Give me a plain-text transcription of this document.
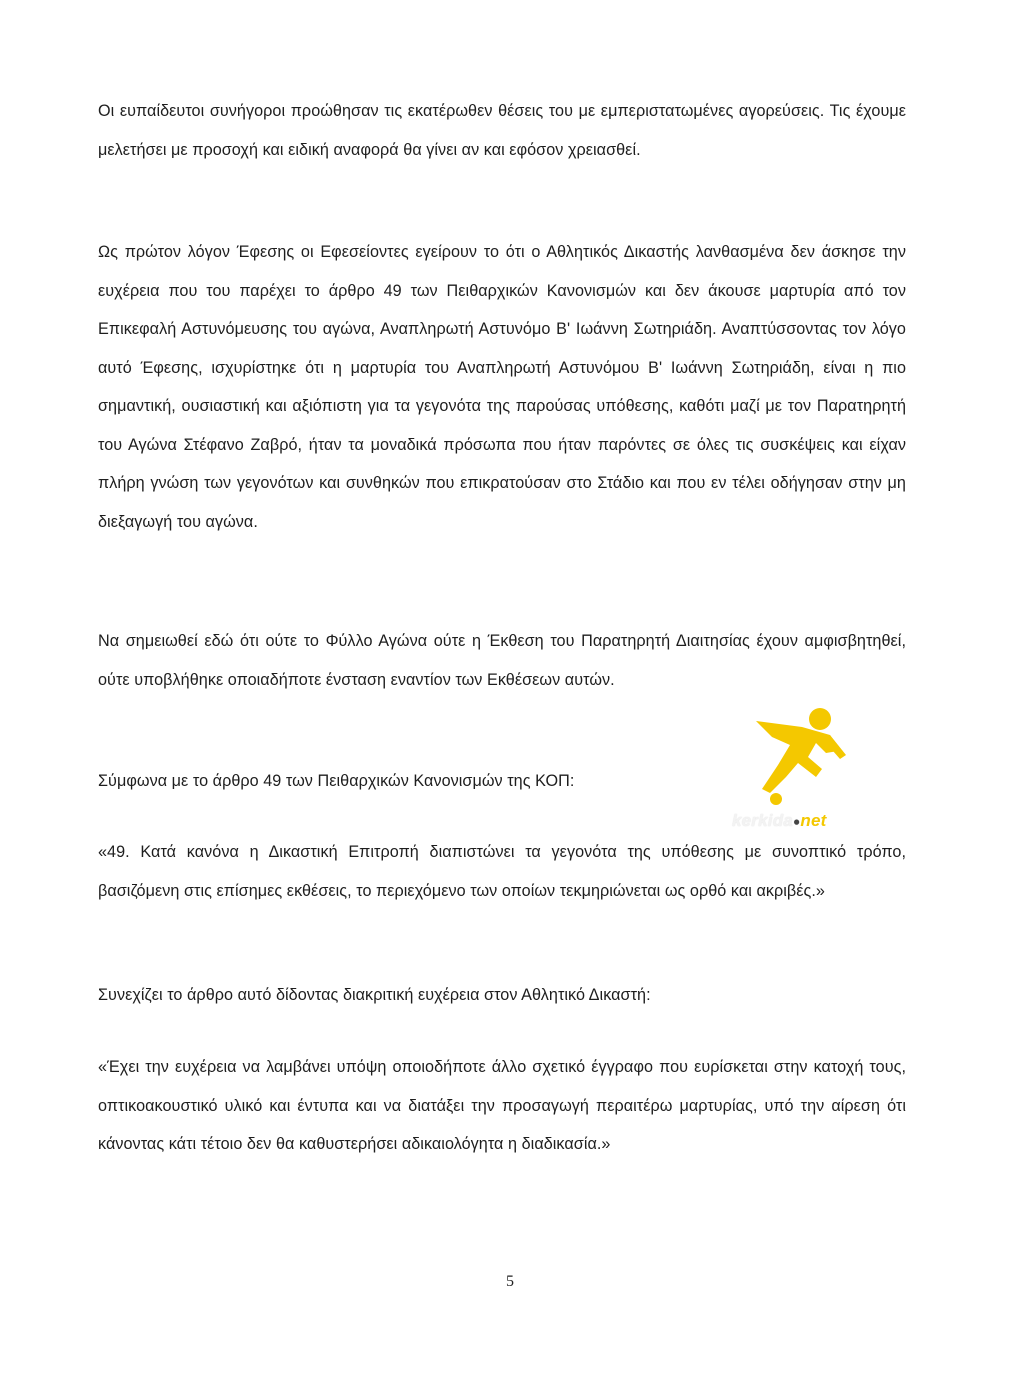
Οι ευπαίδευτοι συνήγοροι προώθησαν τις εκατέρωθεν θέσεις του με εμπεριστατωμένες αγορεύσεις. Τις έχουμε μελετήσει με προσοχή και ειδική αναφορά θα γίνει αν και εφόσον χρειασθεί.

Ως πρώτον λόγον Έφεσης οι Εφεσείοντες εγείρουν το ότι ο Αθλητικός Δικαστής λανθασμένα δεν άσκησε την ευχέρεια που του παρέχει το άρθρο 49 των Πειθαρχικών Κανονισμών και δεν άκουσε μαρτυρία από τον Επικεφαλή Αστυνόμευσης του αγώνα, Αναπληρωτή Αστυνόμο Β' Ιωάννη Σωτηριάδη. Αναπτύσσοντας τον λόγο αυτό Έφεσης, ισχυρίστηκε ότι η μαρτυρία του Αναπληρωτή Αστυνόμου Β' Ιωάννη Σωτηριάδη, είναι η πιο σημαντική, ουσιαστική και αξιόπιστη για τα γεγονότα της παρούσας υπόθεσης, καθότι μαζί με τον Παρατηρητή του Αγώνα Στέφανο Ζαβρό, ήταν τα μοναδικά πρόσωπα που ήταν παρόντες σε όλες τις συσκέψεις και είχαν πλήρη γνώση των γεγονότων και συνθηκών που επικρατούσαν στο Στάδιο και που εν τέλει οδήγησαν στην μη διεξαγωγή του αγώνα.

Να σημειωθεί εδώ ότι ούτε το Φύλλο Αγώνα ούτε η Έκθεση του Παρατηρητή Διαιτησίας έχουν αμφισβητηθεί, ούτε υποβλήθηκε οποιαδήποτε ένσταση εναντίον των Εκθέσεων αυτών.

Σύμφωνα με το άρθρο 49 των Πειθαρχικών Κανονισμών της ΚΟΠ:

«49. Κατά κανόνα η Δικαστική Επιτροπή διαπιστώνει τα γεγονότα της υπόθεσης με συνοπτικό τρόπο, βασιζόμενη στις επίσημες εκθέσεις, το περιεχόμενο των οποίων τεκμηριώνεται ως ορθό και ακριβές.»

Συνεχίζει το άρθρο αυτό δίδοντας διακριτική ευχέρεια στον Αθλητικό Δικαστή:

«Έχει την ευχέρεια να λαμβάνει υπόψη οποιοδήποτε άλλο σχετικό έγγραφο που ευρίσκεται στην κατοχή τους, οπτικοακουστικό υλικό και έντυπα και να διατάξει την προσαγωγή περαιτέρω μαρτυρίας, υπό την αίρεση ότι κάνοντας κάτι τέτοιο δεν θα καθυστερήσει αδικαιολόγητα η διαδικασία.»

kerkida●net
5
